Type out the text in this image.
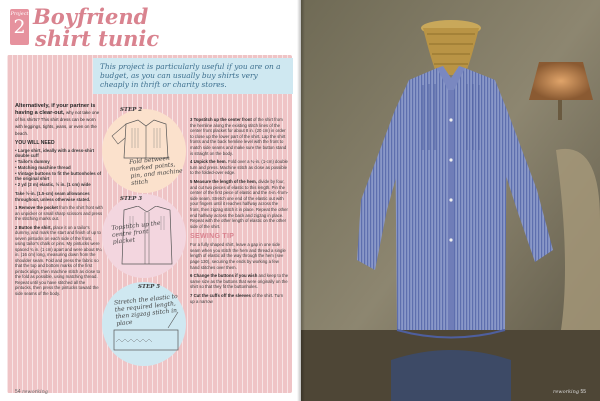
Project
2 Boyfriend
shirt tunic

This project is particularly useful if you are on a budget, as you can usually buy shirts very cheaply in thrift or charity stores.

Alternatively, if your partner is having a clear-out, why not take one of his shirts? This shirt dress can be worn with leggings, tights, jeans, or even on the beach.

YOU WILL NEED
• Large shirt, ideally with a dress-shirt double cuff
• Tailor's dummy
• Matching machine thread
• Vintage buttons to fit the buttonholes of the original shirt
• 2 yd (2 m) elastic, ½ in. (1 cm) wide

Take ½-in. (1.5-cm) seam allowances throughout, unless otherwise stated.

1 Remove the pocket from the shirt front with an unpicker or small sharp scissors and press the stitching marks out.

2 Button the shirt, place it on a tailor's dummy, and mark the start and finish of up to seven pintucks on each side of the front, using tailor's chalk or pins. My pintucks were spaced ¾ in. (1 cm) apart and were about 6¼ in. (16 cm) long, measuring down from the shoulder seam. Fold and press the fabric so that the top and bottom marks of the first pintuck align, then machine stitch as close to the fold as possible, using matching thread. Repeat until you have stitched all the pintucks, then press the pintucks toward the side seams of the body.

STEP 2
STEP 3
STEP 5
Fold between marked points, pin, and machine stitch
Topstitch up the centre front placket
Stretch the elastic to the required length, then zigzag stitch in place

3 Topstitch up the center front of the shirt from the hemline along the existing stitch lines of the center front placket for about 8 in. (20 cm) in order to close up the lower part of the shirt. Lap the shirt fronts and the back hemline level with the front to match side seams and make sure the button stand is straight on the body.

4 Unpick the hem. Fold over a ¾-in. (1-cm) double turn and press. Machine stitch as close as possible to the folded-over edge.

5 Measure the length of the hem, divide by four, and cut two pieces of elastic to this length. Pin the center of the first piece of elastic and the 4-in.-from-side seam. Stretch one end of the elastic out with your fingers until it reaches halfway across the front, then zigzag stitch it in place. Repeat the other end halfway across the back and zigzag in place. Repeat with the other length of elastic on the other side of the shirt.

SEWING TIP

For a fully shaped shirt, leave a gap in one side seam when you stitch the hem and thread a single length of elastic all the way through the hem (see page 130), securing the ends by working a few hand stitches over them.

6 Change the buttons if you wish and keep to the same size as the buttons that were originally on the shirt so that they fit the buttonholes.

7 Cut the cuffs off the sleeves of the shirt. Turn up a narrow

54 reworking	reworking 55
